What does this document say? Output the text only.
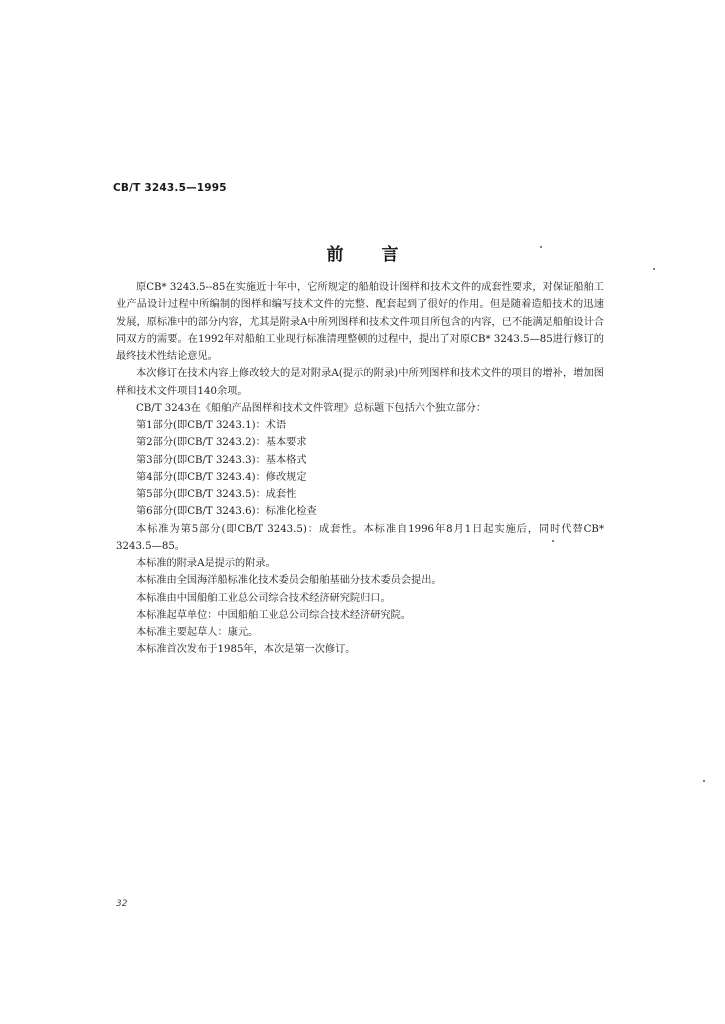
CB/T 3243.5—1995
前言

原CB* 3243.5--85在实施近十年中，它所规定的船舶设计图样和技术文件的成套性要求，对保证船舶工业产品设计过程中所编制的图样和编写技术文件的完整、配套起到了很好的作用。但是随着造船技术的迅速发展，原标准中的部分内容，尤其是附录A中所列图样和技术文件项目所包含的内容，已不能满足船舶设计合同双方的需要。在1992年对船舶工业现行标准清理整顿的过程中，提出了对原CB* 3243.5—85进行修订的最终技术性结论意见。

本次修订在技术内容上修改较大的是对附录A(提示的附录)中所列图样和技术文件的项目的增补，增加图样和技术文件项目140余项。

CB/T 3243在《船舶产品图样和技术文件管理》总标题下包括六个独立部分：

第1部分(即CB/T 3243.1)：术语

第2部分(即CB/T 3243.2)：基本要求

第3部分(即CB/T 3243.3)：基本格式

第4部分(即CB/T 3243.4)：修改规定

第5部分(即CB/T 3243.5)：成套性

第6部分(即CB/T 3243.6)：标准化检查

本标准为第5部分(即CB/T 3243.5)：成套性。本标准自1996年8月1日起实施后，同时代替CB* 3243.5—85。

本标准的附录A是提示的附录。

本标准由全国海洋船标准化技术委员会船舶基础分技术委员会提出。

本标准由中国船舶工业总公司综合技术经济研究院归口。

本标准起草单位：中国船舶工业总公司综合技术经济研究院。

本标准主要起草人：康元。

本标准首次发布于1985年，本次是第一次修订。

32
